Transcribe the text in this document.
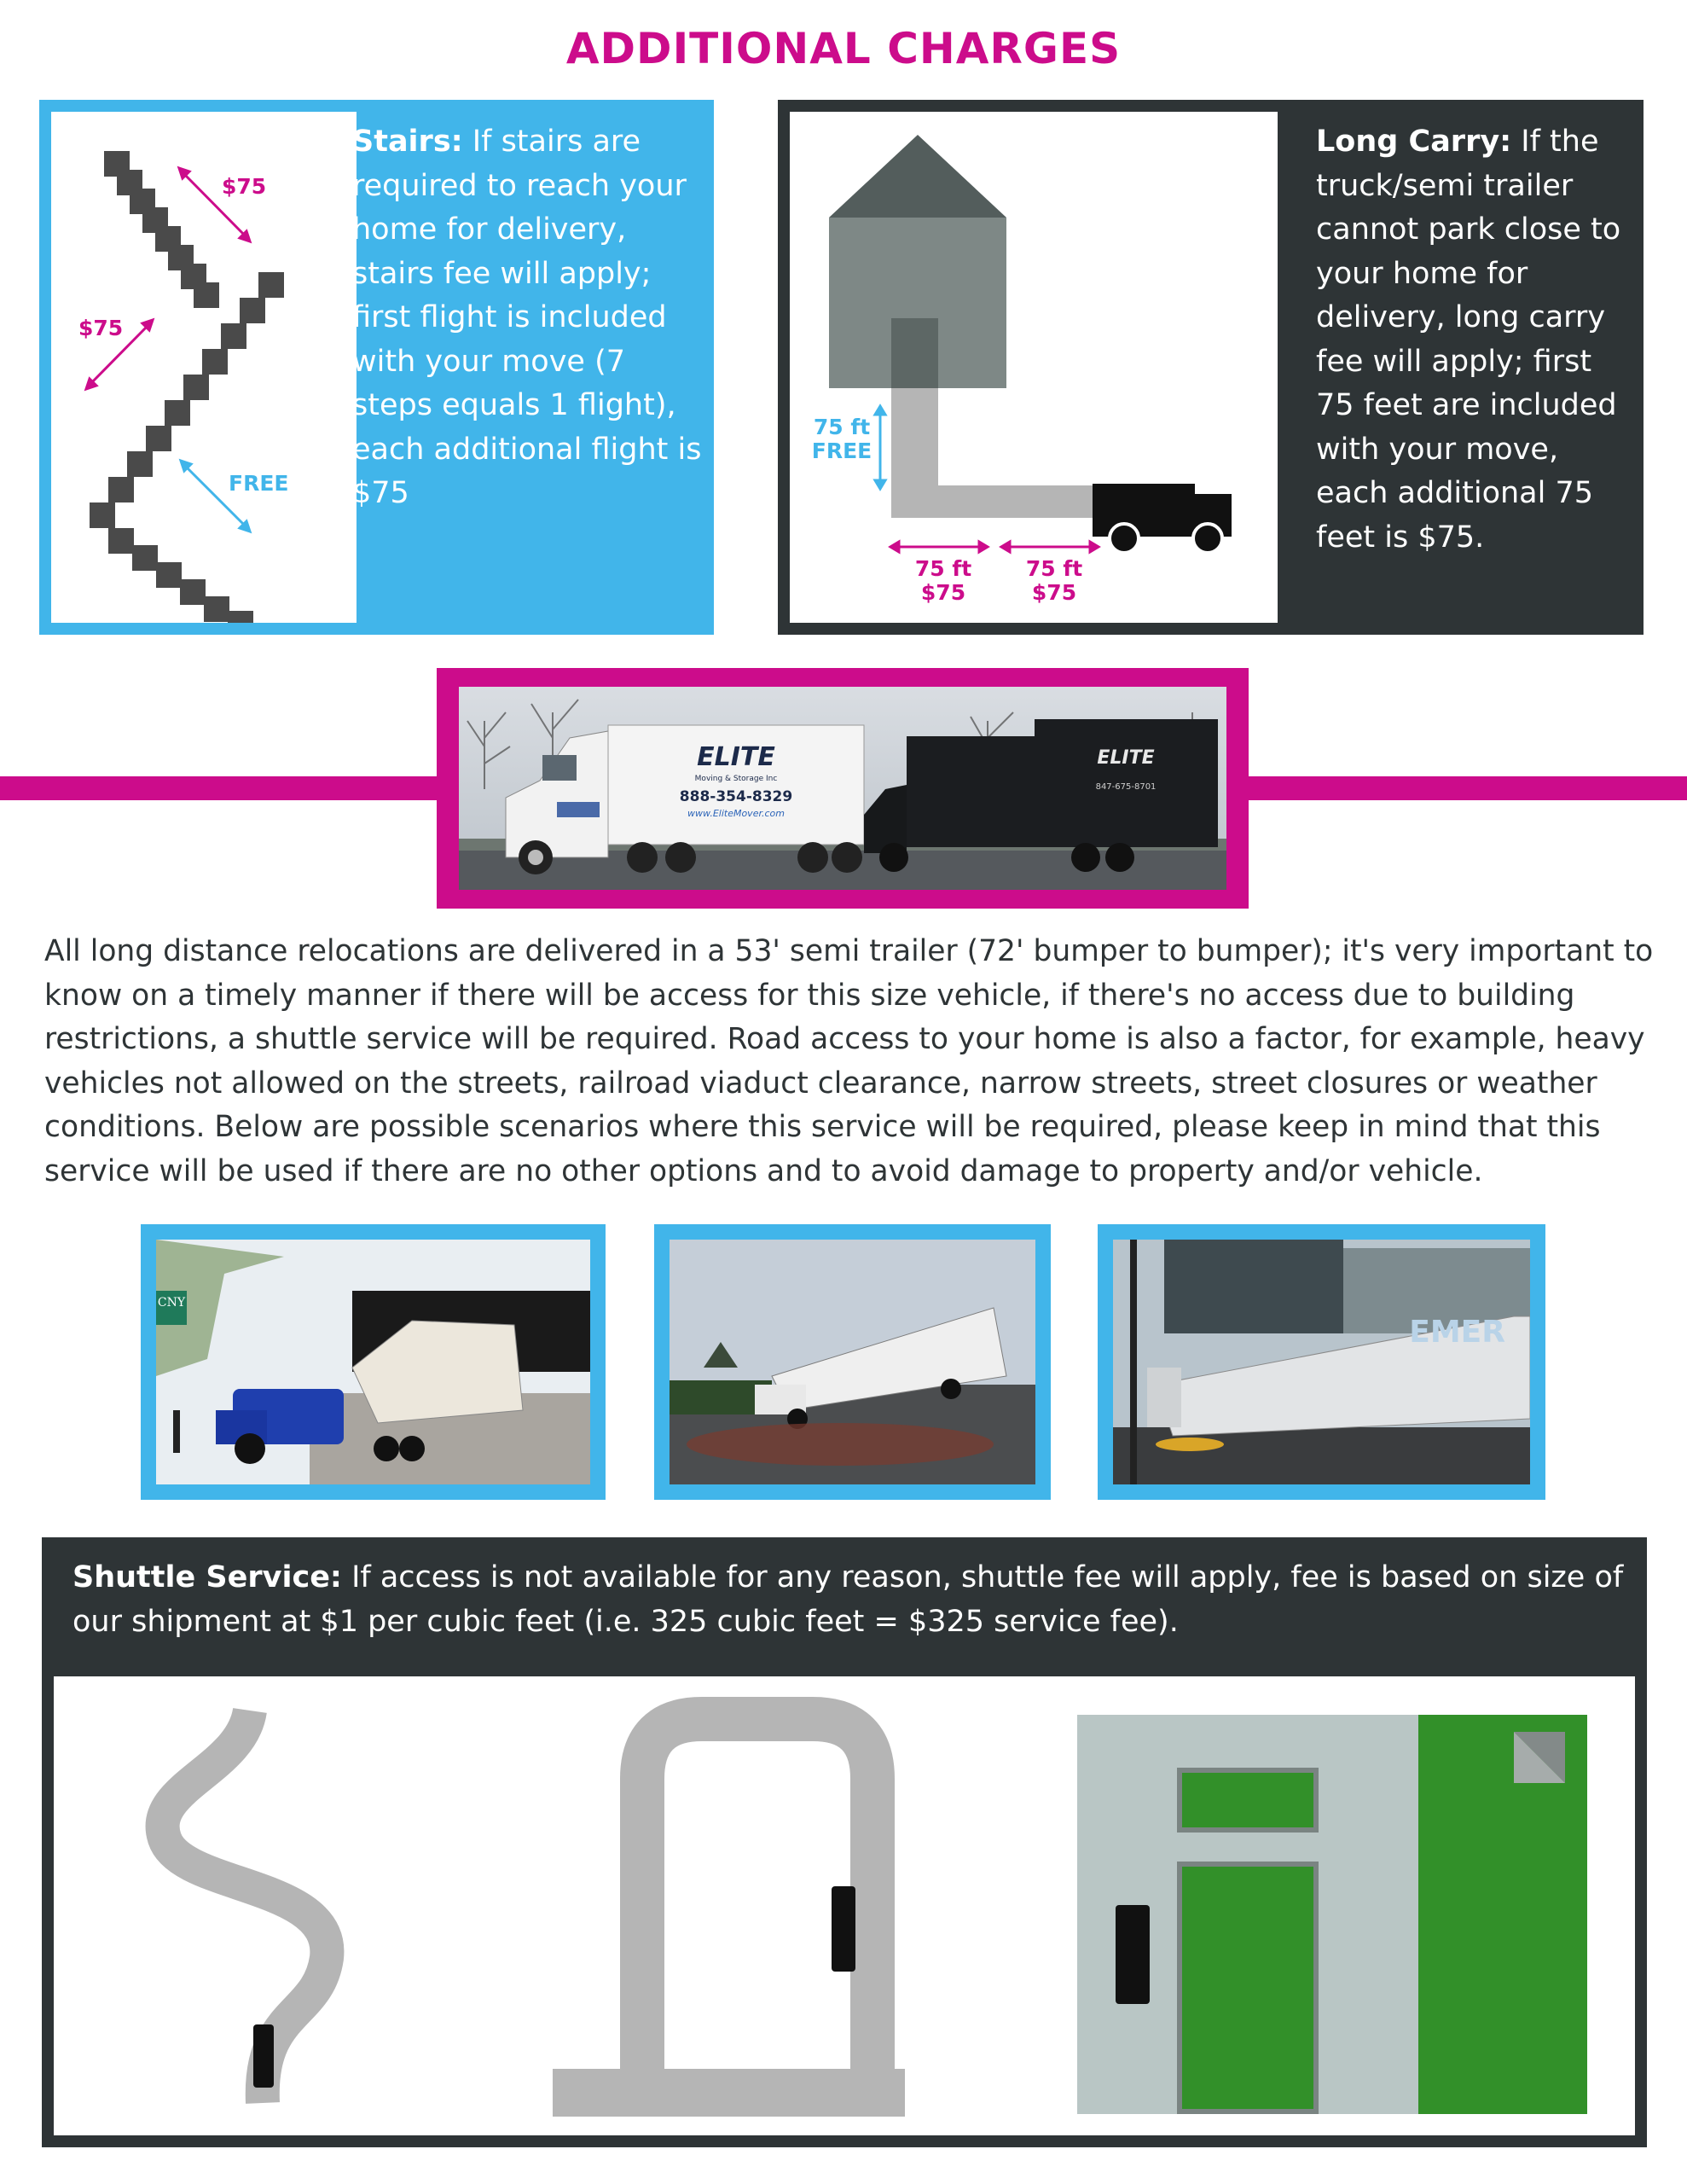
ADDITIONAL CHARGES
$75
$75
FREE
Stairs: If stairs are required to reach your home for delivery, stairs fee will apply; first flight is included with your move (7 steps equals 1 flight), each additional flight is $75
75 ft
FREE
75 ft
$75
75 ft
$75
Long Carry: If the truck/semi trailer cannot park close to your home for delivery, long carry fee will apply; first 75 feet are included with your move, each additional 75 feet is $75.
ELITE
Moving & Storage Inc
888-354-8329
www.EliteMover.com
ELITE
847-675-8701
All long distance relocations are delivered in a 53' semi trailer (72' bumper to bumper); it's very important to know on a timely manner if there will be access for this size vehicle, if there's no access due to building restrictions, a shuttle service will be required. Road access to your home is also a factor, for example, heavy vehicles not allowed on the streets, railroad viaduct clearance, narrow streets, street closures or weather conditions. Below are possible scenarios where this service will be required, please keep in mind that this service will be used if there are no other options and to avoid damage to property and/or vehicle.
CNY
EMER
Shuttle Service: If access is not available for any reason, shuttle fee will apply, fee is based on size of our shipment at $1 per cubic feet (i.e. 325 cubic feet = $325 service fee).
